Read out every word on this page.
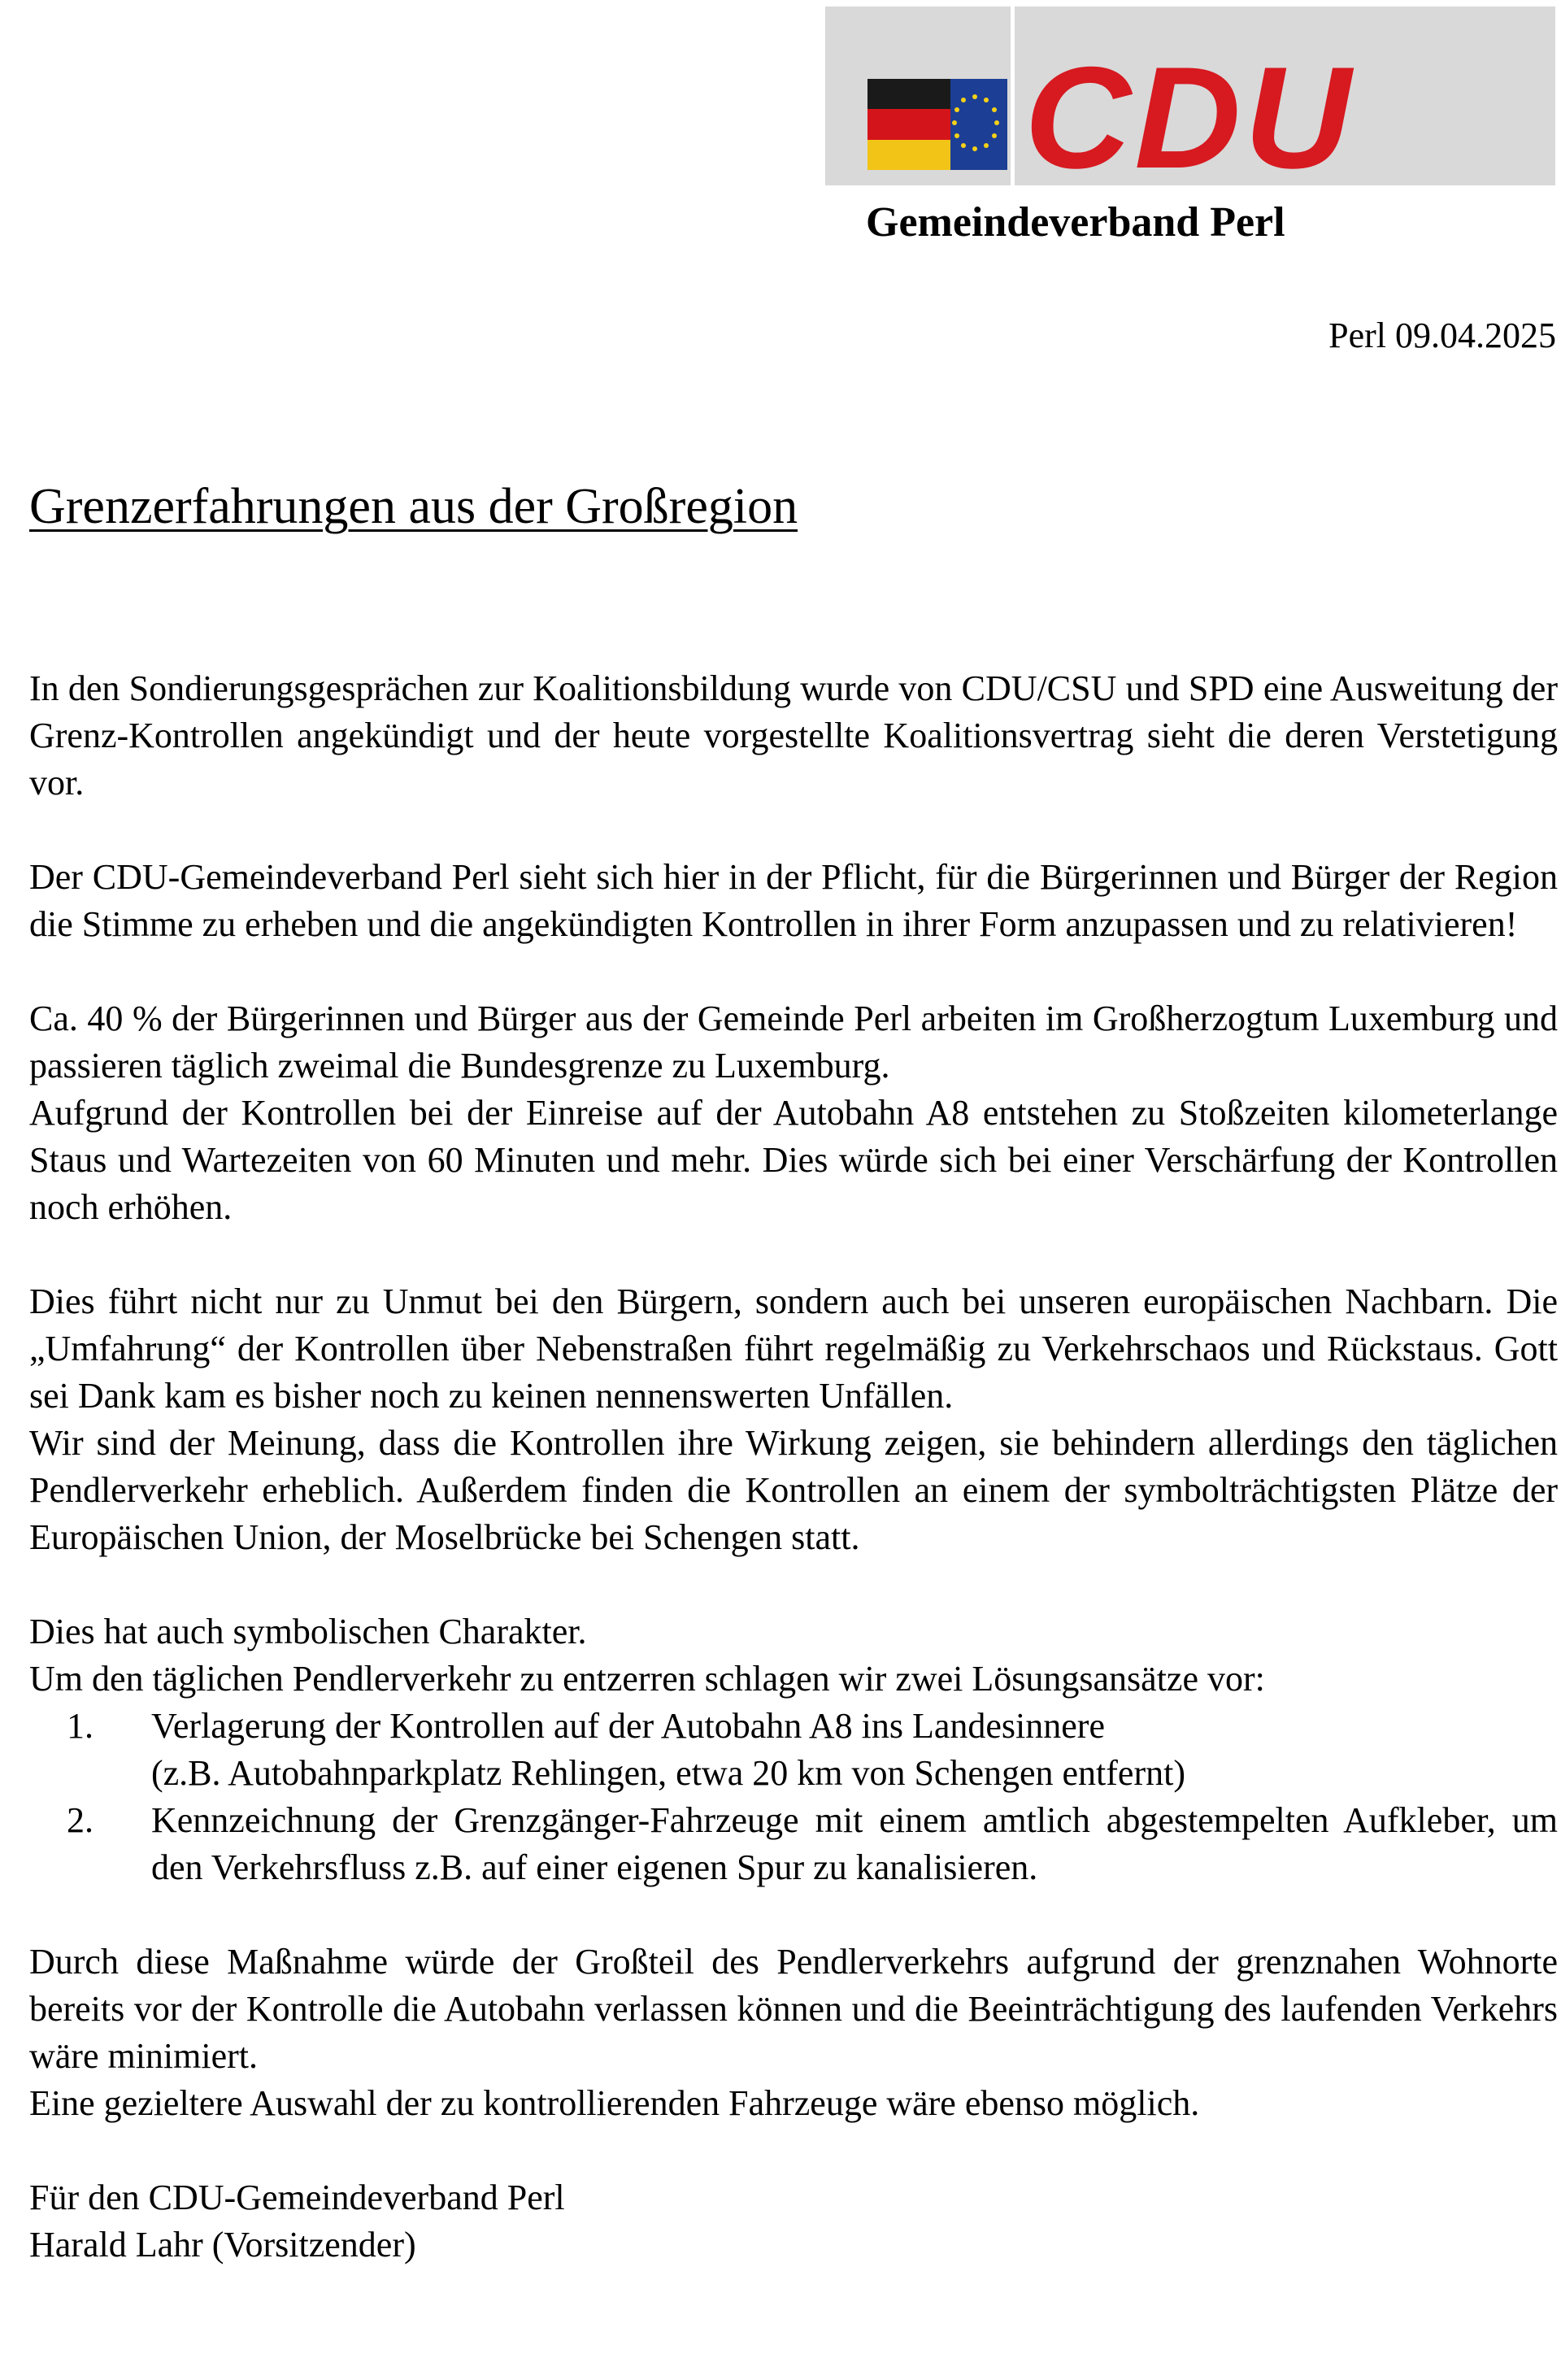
CDU
Gemeindeverband Perl
Perl 09.04.2025
Grenzerfahrungen aus der Großregion

In den Sondierungsgesprächen zur Koalitionsbildung wurde von CDU/CSU und SPD eine Ausweitung der Grenz-Kontrollen angekündigt und der heute vorgestellte Koalitionsvertrag sieht die deren Verstetigung vor.

Der CDU-Gemeindeverband Perl sieht sich hier in der Pflicht, für die Bürgerinnen und Bürger der Region die Stimme zu erheben und die angekündigten Kontrollen in ihrer Form anzupassen und zu relativieren!

Ca. 40 % der Bürgerinnen und Bürger aus der Gemeinde Perl arbeiten im Großherzogtum Luxemburg und passieren täglich zweimal die Bundesgrenze zu Luxemburg.

Aufgrund der Kontrollen bei der Einreise auf der Autobahn A8 entstehen zu Stoßzeiten kilometerlange Staus und Wartezeiten von 60 Minuten und mehr. Dies würde sich bei einer Verschärfung der Kontrollen noch erhöhen.

Dies führt nicht nur zu Unmut bei den Bürgern, sondern auch bei unseren europäischen Nachbarn. Die „Umfahrung“ der Kontrollen über Nebenstraßen führt regelmäßig zu Verkehrschaos und Rückstaus. Gott sei Dank kam es bisher noch zu keinen nennenswerten Unfällen.

Wir sind der Meinung, dass die Kontrollen ihre Wirkung zeigen, sie behindern allerdings den täglichen Pendlerverkehr erheblich. Außerdem finden die Kontrollen an einem der symbolträchtigsten Plätze der Europäischen Union, der Moselbrücke bei Schengen statt.

Dies hat auch symbolischen Charakter.

Um den täglichen Pendlerverkehr zu entzerren schlagen wir zwei Lösungsansätze vor:

1. Verlagerung der Kontrollen auf der Autobahn A8 ins Landesinnere
(z.B. Autobahnparkplatz Rehlingen, etwa 20 km von Schengen entfernt)
2. Kennzeichnung der Grenzgänger-Fahrzeuge mit einem amtlich abgestempelten Aufkleber, um den Verkehrsfluss z.B. auf einer eigenen Spur zu kanalisieren.

Durch diese Maßnahme würde der Großteil des Pendlerverkehrs aufgrund der grenznahen Wohnorte bereits vor der Kontrolle die Autobahn verlassen können und die Beeinträchtigung des laufenden Verkehrs wäre minimiert.

Eine gezieltere Auswahl der zu kontrollierenden Fahrzeuge wäre ebenso möglich.

Für den CDU-Gemeindeverband Perl

Harald Lahr (Vorsitzender)
